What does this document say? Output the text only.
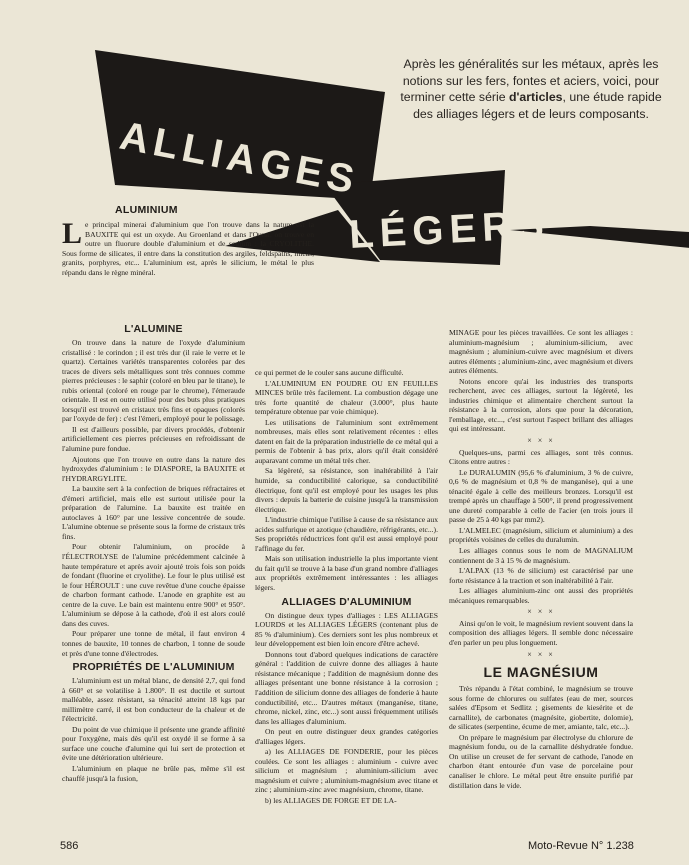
ALLIAGES
LÉGERS
Après les généralités sur les métaux, après les notions sur les fers, fontes et aciers, voici, pour terminer cette série d'articles, une étude rapide des alliages légers et de leurs composants.
ALUMINIUM

Le principal minerai d'aluminium que l'on trouve dans la nature est la BAUXITE qui est un oxyde. Au Groenland et dans l'Oural, on trouve en outre un fluorure double d'aluminium et de sodium : la CRYOLITHE. Sous forme de silicates, il entre dans la constitution des argiles, feldspaths, micas, granits, porphyres, etc... L'aluminium est, après le silicium, le métal le plus répandu dans le règne minéral.

L'ALUMINE

On trouve dans la nature de l'oxyde d'aluminium cristallisé : le corindon ; il est très dur (il raie le verre et le quartz). Certaines variétés transparentes colorées par des traces de divers sels métalliques sont très connues comme pierres précieuses : le saphir (coloré en bleu par le titane), le rubis oriental (coloré en rouge par le chrome), l'émeraude orientale. Il est en outre utilisé pour des buts plus pratiques lorsqu'il est trouvé en cristaux très fins et opaques (colorés par l'oxyde de fer) : c'est l'émeri, employé pour le polissage.

Il est d'ailleurs possible, par divers procédés, d'obtenir artificiellement ces pierres précieuses en refroidissant de l'alumine pure fondue.

Ajoutons que l'on trouve en outre dans la nature des hydroxydes d'aluminium : le DIASPORE, la BAUXITE et l'HYDRARGYLITE.

La bauxite sert à la confection de briques réfractaires et d'émeri artificiel, mais elle est surtout utilisée pour la préparation de l'alumine. La bauxite est traitée en autoclaves à 160° par une lessive concentrée de soude. L'alumine obtenue se présente sous la forme de cristaux très fins.

Pour obtenir l'aluminium, on procède à l'ÉLECTROLYSE de l'alumine précédemment calcinée à haute température et après avoir ajouté trois fois son poids de fondant (fluorine et cryolithe). Le four le plus utilisé est le four HÉROULT : une cuve revêtue d'une couche épaisse de charbon formant cathode. L'anode en graphite est au centre de la cuve. Le bain est maintenu entre 900° et 950°. L'aluminium se dépose à la cathode, d'où il est alors coulé dans des cuves.

Pour préparer une tonne de métal, il faut environ 4 tonnes de bauxite, 10 tonnes de charbon, 1 tonne de soude et près d'une tonne d'électrodes.

PROPRIÉTÉS DE L'ALUMINIUM

L'aluminium est un métal blanc, de densité 2,7, qui fond à 660° et se volatilise à 1.800°. Il est ductile et surtout malléable, assez résistant, sa ténacité atteint 18 kgs par millimètre carré, il est bon conducteur de la chaleur et de l'électricité.

Du point de vue chimique il présente une grande affinité pour l'oxygène, mais dès qu'il est oxydé il se forme à sa surface une couche d'alumine qui lui sert de protection et évite une détérioration ultérieure.

L'aluminium en plaque ne brûle pas, même s'il est chauffé jusqu'à la fusion,

ce qui permet de le couler sans aucune difficulté.

L'ALUMINIUM EN POUDRE OU EN FEUILLES MINCES brûle très facilement. La combustion dégage une très forte quantité de chaleur (3.000°, plus haute température obtenue par voie chimique).

Les utilisations de l'aluminium sont extrêmement nombreuses, mais elles sont relativement récentes : elles datent en fait de la préparation industrielle de ce métal qui a permis de l'obtenir à bas prix, alors qu'il était considéré auparavant comme un métal très cher.

Sa légèreté, sa résistance, son inaltérabilité à l'air humide, sa conductibilité calorique, sa conductibilité électrique, font qu'il est employé pour les usages les plus divers : depuis la batterie de cuisine jusqu'à la transmission électrique.

L'industrie chimique l'utilise à cause de sa résistance aux acides sulfurique et azotique (chaudière, réfrigérants, etc...). Ses propriétés réductrices font qu'il est aussi employé pour l'affinage du fer.

Mais son utilisation industrielle la plus importante vient du fait qu'il se trouve à la base d'un grand nombre d'alliages aux propriétés extrêmement intéressantes : les alliages légers.

ALLIAGES D'ALUMINIUM

On distingue deux types d'alliages : LES ALLIAGES LOURDS et les ALLIAGES LÉGERS (contenant plus de 85 % d'aluminium). Ces derniers sont les plus nombreux et leur développement est bien loin encore d'être achevé.

Donnons tout d'abord quelques indications de caractère général : l'addition de cuivre donne des alliages à haute résistance mécanique ; l'addition de magnésium donne des alliages présentant une bonne résistance à la corrosion ; l'addition de silicium donne des alliages de fonderie à haute conductibilité, etc... D'autres métaux (manganèse, titane, chrome, nickel, zinc, etc...) sont aussi fréquemment utilisés dans les alliages d'aluminium.

On peut en outre distinguer deux grandes catégories d'alliages légers.

a) les ALLIAGES DE FONDERIE, pour les pièces coulées. Ce sont les alliages : aluminium - cuivre avec silicium et magnésium ; aluminium-silicium avec magnésium et cuivre ; aluminium-magnésium avec titane et zinc ; aluminium-zinc avec magnésium, chrome, titane.

b) les ALLIAGES DE FORGE ET DE LA-

MINAGE pour les pièces travaillées. Ce sont les alliages : aluminium-magnésium ; aluminium-silicium, avec magnésium ; aluminium-cuivre avec magnésium et divers autres éléments ; aluminium-zinc, avec magnésium et divers autres éléments.

Notons encore qu'ai les industries des transports recherchent, avec ces alliages, surtout la légèreté, les industries chimique et alimentaire cherchent surtout la résistance à la corrosion, alors que pour la décoration, l'emballage, etc..., c'est surtout l'aspect brillant des alliages qui est intéressant.

× × ×

Quelques-uns, parmi ces alliages, sont très connus. Citons entre autres :

Le DURALUMIN (95,6 % d'aluminium, 3 % de cuivre, 0,6 % de magnésium et 0,8 % de manganèse), qui a une ténacité égale à celle des meilleurs bronzes. Lorsqu'il est trempé après un chauffage à 500°, il prend progressivement une dureté comparable à celle de l'acier (en trois jours il passe de 25 à 40 kgs par mm2).

L'ALMELEC (magnésium, silicium et aluminium) a des propriétés voisines de celles du duralumin.

Les alliages connus sous le nom de MAGNALIUM contiennent de 3 à 15 % de magnésium.

L'ALPAX (13 % de silicium) est caractérisé par une forte résistance à la traction et son inaltérabilité à l'air.

Les alliages aluminium-zinc ont aussi des propriétés mécaniques remarquables.

× × ×

Ainsi qu'on le voit, le magnésium revient souvent dans la composition des alliages légers. Il semble donc nécessaire d'en parler un peu plus longuement.

× × ×

LE MAGNÉSIUM

Très répandu à l'état combiné, le magnésium se trouve sous forme de chlorures ou sulfates (eau de mer, sources salées d'Epsom et Sedlitz ; gisements de kiesérite et de carnallite), de carbonates (magnésite, giobertite, dolomie), de silicates (serpentine, écume de mer, amiante, talc, etc...).

On prépare le magnésium par électrolyse du chlorure de magnésium fondu, ou de la carnallite déshydratée fondue. On utilise un creuset de fer servant de cathode, l'anode en charbon étant entourée d'un vase de porcelaine pour canaliser le chlore. Le métal peut être ensuite purifié par distillation dans le vide.

586	Moto-Revue N° 1.238
